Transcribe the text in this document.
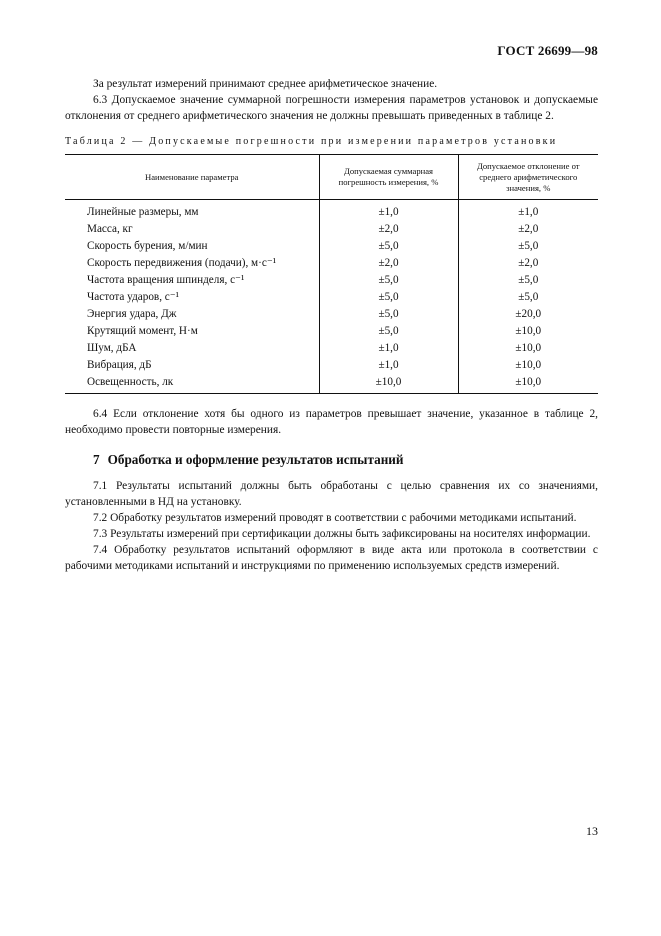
ГОСТ 26699—98

За результат измерений принимают среднее арифметическое значение.

6.3 Допускаемое значение суммарной погрешности измерения параметров установок и допускаемые отклонения от среднего арифметического значения не должны превышать приведенных в таблице 2.

Таблица 2 — Допускаемые погрешности при измерении параметров установки
Наименование параметра	Допускаемая суммарная погрешность измерения, %	Допускаемое отклонение от среднего арифметического значения, %
Линейные размеры, мм	±1,0	±1,0
Масса, кг	±2,0	±2,0
Скорость бурения, м/мин	±5,0	±5,0
Скорость передвижения (подачи), м·с⁻¹	±2,0	±2,0
Частота вращения шпинделя, с⁻¹	±5,0	±5,0
Частота ударов, с⁻¹	±5,0	±5,0
Энергия удара, Дж	±5,0	±20,0
Крутящий момент, Н·м	±5,0	±10,0
Шум, дБА	±1,0	±10,0
Вибрация, дБ	±1,0	±10,0
Освещенность, лк	±10,0	±10,0

6.4 Если отклонение хотя бы одного из параметров превышает значение, указанное в таблице 2, необходимо провести повторные измерения.

7 Обработка и оформление результатов испытаний

7.1 Результаты испытаний должны быть обработаны с целью сравнения их со значениями, установленными в НД на установку.

7.2 Обработку результатов измерений проводят в соответствии с рабочими методиками испытаний.

7.3 Результаты измерений при сертификации должны быть зафиксированы на носителях информации.

7.4 Обработку результатов испытаний оформляют в виде акта или протокола в соответствии с рабочими методиками испытаний и инструкциями по применению используемых средств измерений.

13
